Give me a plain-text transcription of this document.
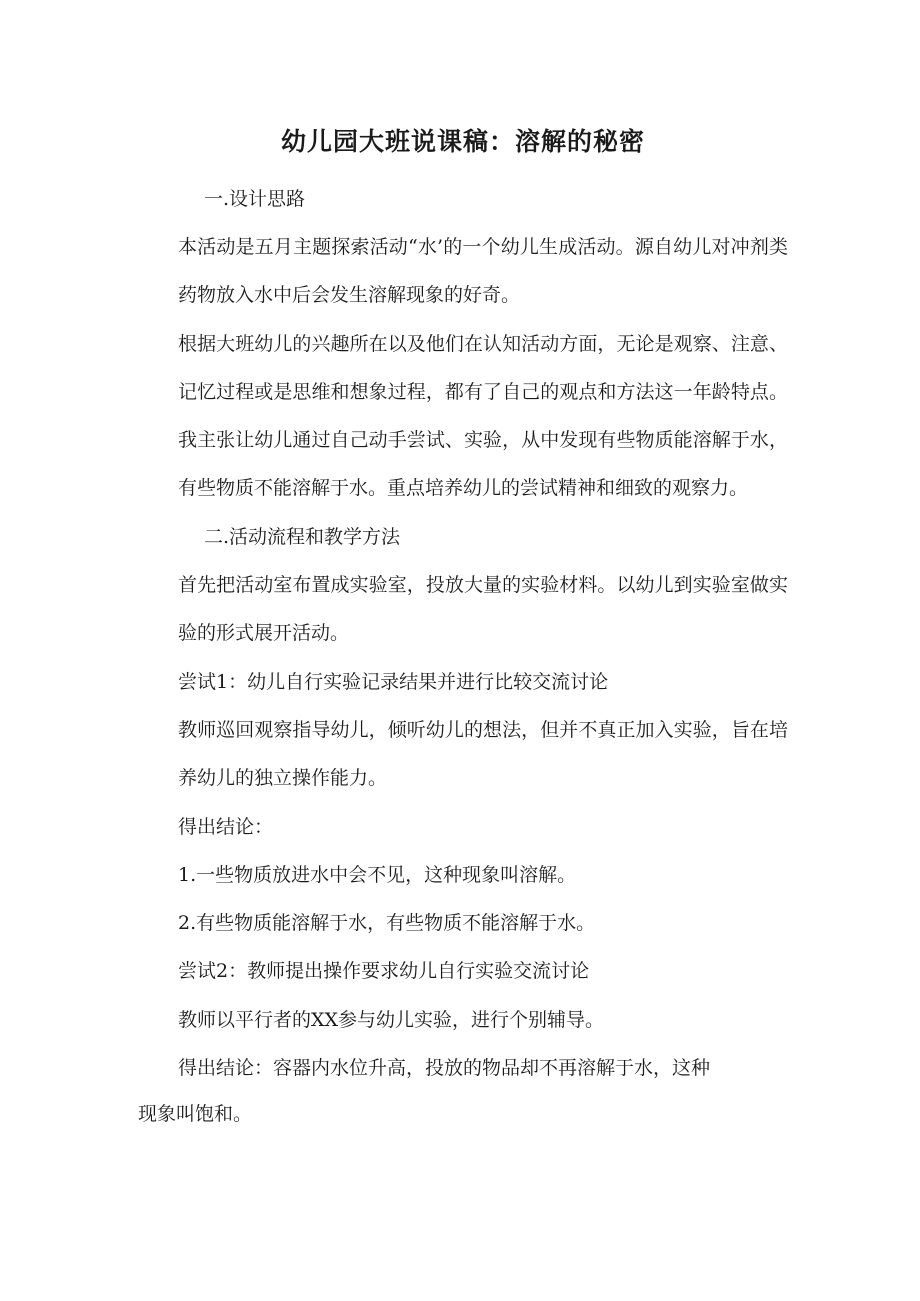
幼儿园大班说课稿：溶解的秘密

一.设计思路

本活动是五月主题探索活动“水’的一个幼儿生成活动。源自幼儿对冲剂类药物放入水中后会发生溶解现象的好奇。

根据大班幼儿的兴趣所在以及他们在认知活动方面，无论是观察、注意、记忆过程或是思维和想象过程，都有了自己的观点和方法这一年龄特点。我主张让幼儿通过自己动手尝试、实验，从中发现有些物质能溶解于水，有些物质不能溶解于水。重点培养幼儿的尝试精神和细致的观察力。

二.活动流程和教学方法

首先把活动室布置成实验室，投放大量的实验材料。以幼儿到实验室做实验的形式展开活动。

尝试1：幼儿自行实验记录结果并进行比较交流讨论

教师巡回观察指导幼儿，倾听幼儿的想法，但并不真正加入实验，旨在培养幼儿的独立操作能力。

得出结论：

1.一些物质放进水中会不见，这种现象叫溶解。

2.有些物质能溶解于水，有些物质不能溶解于水。

尝试2：教师提出操作要求幼儿自行实验交流讨论

教师以平行者的XX参与幼儿实验，进行个别辅导。

得出结论：容器内水位升高，投放的物品却不再溶解于水，这种

现象叫饱和。
